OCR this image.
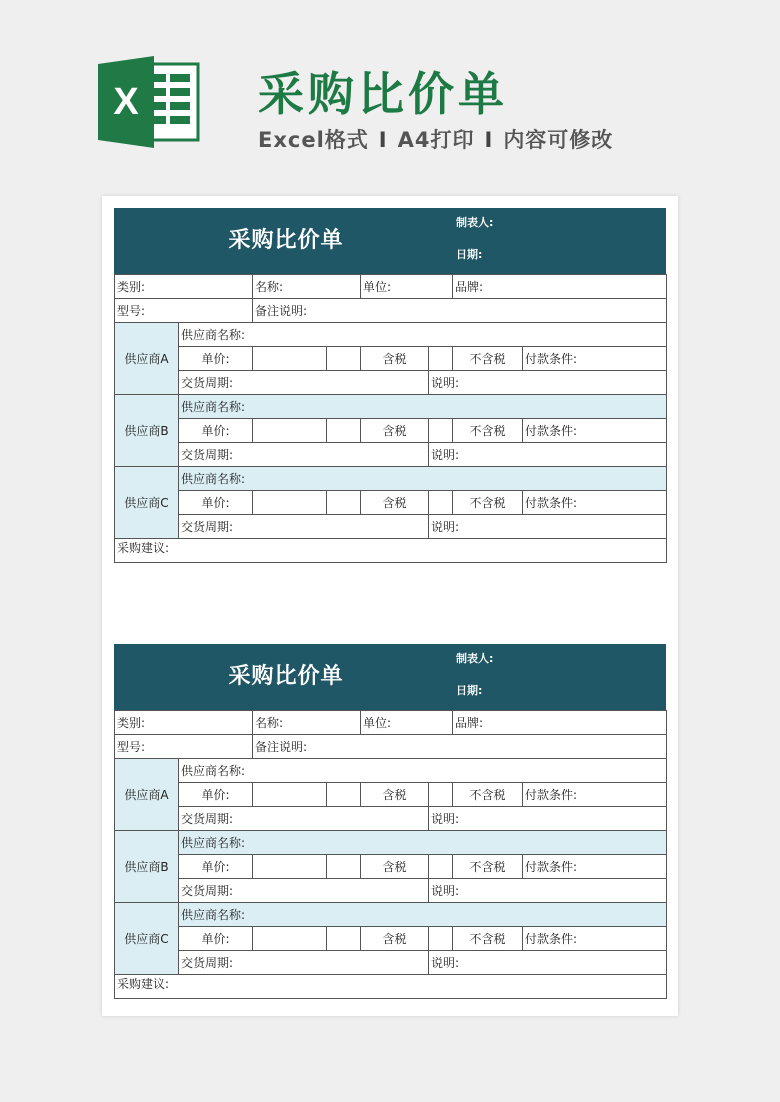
X	采购比价单
Excel格式 I A4打印 I 内容可修改
采购比价单
制表人:
日期:
类别:		名称:		单位:		品牌:	
型号:		备注说明:					
供应商A	供应商名称:						
	单价:			含税		不含税	付款条件:
	交货周期:				说明:		
供应商B	供应商名称:						
	单价:			含税		不含税	付款条件:
	交货周期:				说明:		
供应商C	供应商名称:						
	单价:			含税		不含税	付款条件:
	交货周期:				说明:		
采购建议:							
采购比价单
制表人:
日期:
类别:		名称:		单位:		品牌:	
型号:		备注说明:					
供应商A	供应商名称:						
	单价:			含税		不含税	付款条件:
	交货周期:				说明:		
供应商B	供应商名称:						
	单价:			含税		不含税	付款条件:
	交货周期:				说明:		
供应商C	供应商名称:						
	单价:			含税		不含税	付款条件:
	交货周期:				说明:		
采购建议:							
